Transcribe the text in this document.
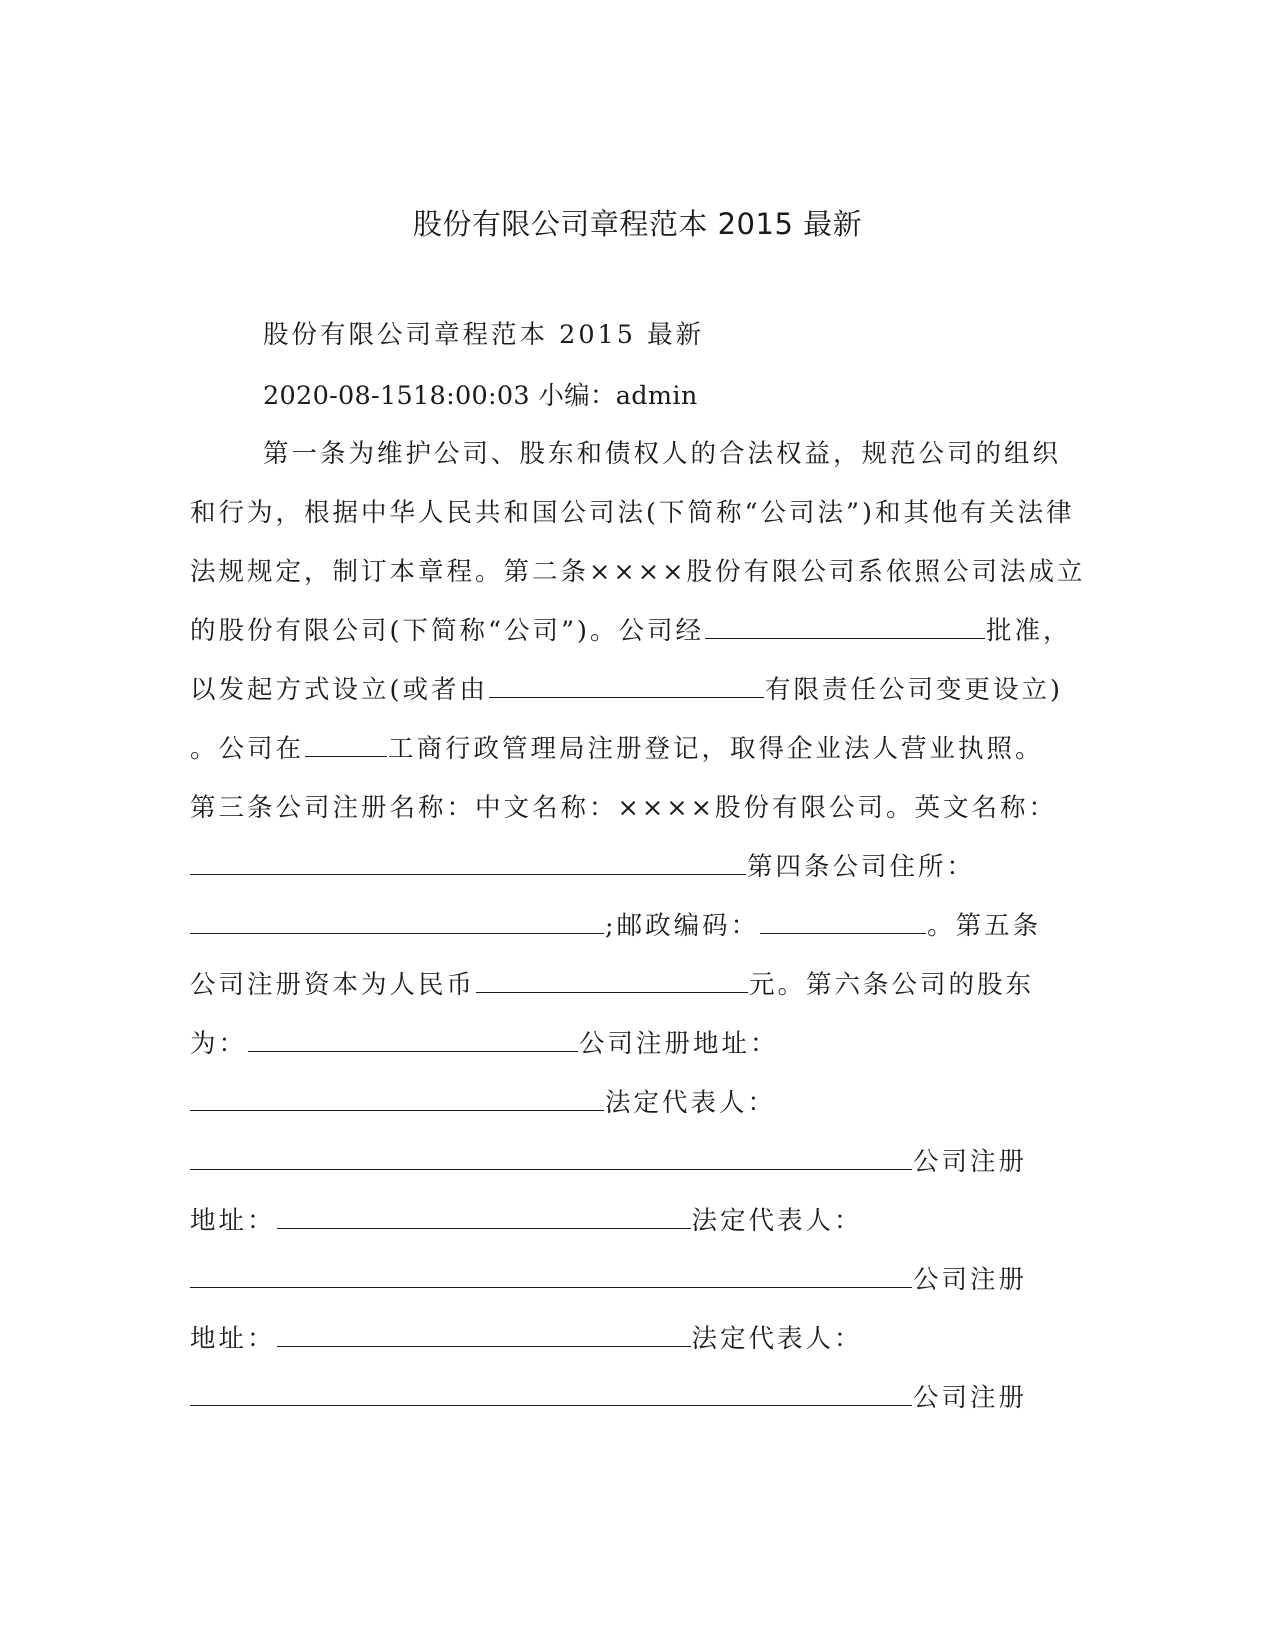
股份有限公司章程范本 2015 最新
股份有限公司章程范本 2015 最新
2020-08-1518:00:03 小编：admin
第一条为维护公司、股东和债权人的合法权益，规范公司的组织
和行为，根据中华人民共和国公司法(下简称“公司法”)和其他有关法律
法规规定，制订本章程。第二条××××股份有限公司系依照公司法成立
的股份有限公司(下简称“公司”)。公司经	批准，
以发起方式设立(或者由	有限责任公司变更设立)
。公司在	工商行政管理局注册登记，取得企业法人营业执照。
第三条公司注册名称：中文名称：××××股份有限公司。英文名称：
第四条公司住所：
;邮政编码：	。第五条
公司注册资本为人民币	元。第六条公司的股东
为：	公司注册地址：
法定代表人：
公司注册
地址：	法定代表人：
公司注册
地址：	法定代表人：
公司注册
